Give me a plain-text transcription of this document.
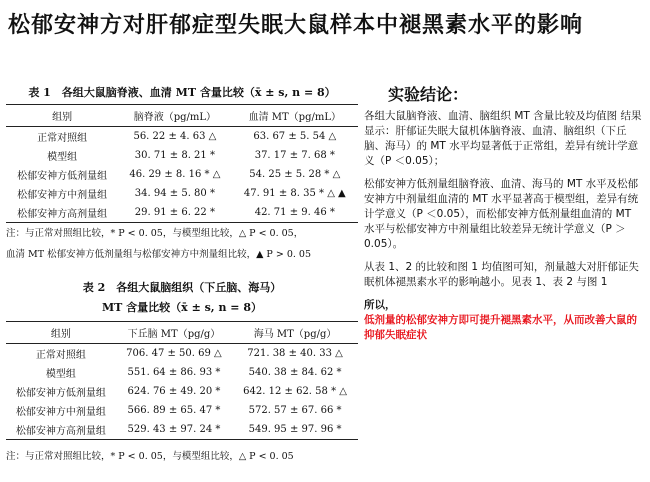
松郁安神方对肝郁症型失眠大鼠样本中褪黑素水平的影响
表 1　各组大鼠脑脊液、血清 MT 含量比较（x̄ ± s, n = 8）
组别	脑脊液（pg/mL）	血清 MT（pg/mL）
正常对照组	56. 22 ± 4. 63 △	63. 67 ± 5. 54 △
模型组	30. 71 ± 8. 21 *	37. 17 ± 7. 68 *
松郁安神方低剂量组	46. 29 ± 8. 16 * △	54. 25 ± 5. 28 * △
松郁安神方中剂量组	34. 94 ± 5. 80 *	47. 91 ± 8. 35 * △ ▲
松郁安神方高剂量组	29. 91 ± 6. 22 *	42. 71 ± 9. 46 *
注：与正常对照组比较，* P < 0. 05，与模型组比较，△ P < 0. 05，
血清 MT 松郁安神方低剂量组与松郁安神方中剂量组比较，▲ P > 0. 05
表 2　各组大鼠脑组织（下丘脑、海马）
MT 含量比较（x̄ ± s, n = 8）
组别	下丘脑 MT（pg/g）	海马 MT（pg/g）
正常对照组	706. 47 ± 50. 69 △	721. 38 ± 40. 33 △
模型组	551. 64 ± 86. 93 *	540. 38 ± 84. 62 *
松郁安神方低剂量组	624. 76 ± 49. 20 *	642. 12 ± 62. 58 * △
松郁安神方中剂量组	566. 89 ± 65. 47 *	572. 57 ± 67. 66 *
松郁安神方高剂量组	529. 43 ± 97. 24 *	549. 95 ± 97. 96 *
注：与正常对照组比较，* P < 0. 05，与模型组比较，△ P < 0. 05
实验结论：

各组大鼠脑脊液、血清、脑组织 MT 含量比较及均值图 结果显示：肝郁证失眠大鼠机体脑脊液、血清、脑组织（下丘脑、海马）的 MT 水平均显著低于正常组，差异有统计学意义（P ＜0.05）；

松郁安神方低剂量组脑脊液、血清、海马的 MT 水平及松郁安神方中剂量组血清的 MT 水平显著高于模型组，差异有统计学意义（P ＜0.05），而松郁安神方低剂量组血清的 MT 水平与松郁安神方中剂量组比较差异无统计学意义（P ＞ 0.05）。

从表 1、2 的比较和图 1 均值图可知，剂量越大对肝郁证失眠机体褪黑素水平的影响越小。见表 1、表 2 与图 1

所以，

低剂量的松郁安神方即可提升褪黑素水平，从而改善大鼠的抑郁失眠症状
